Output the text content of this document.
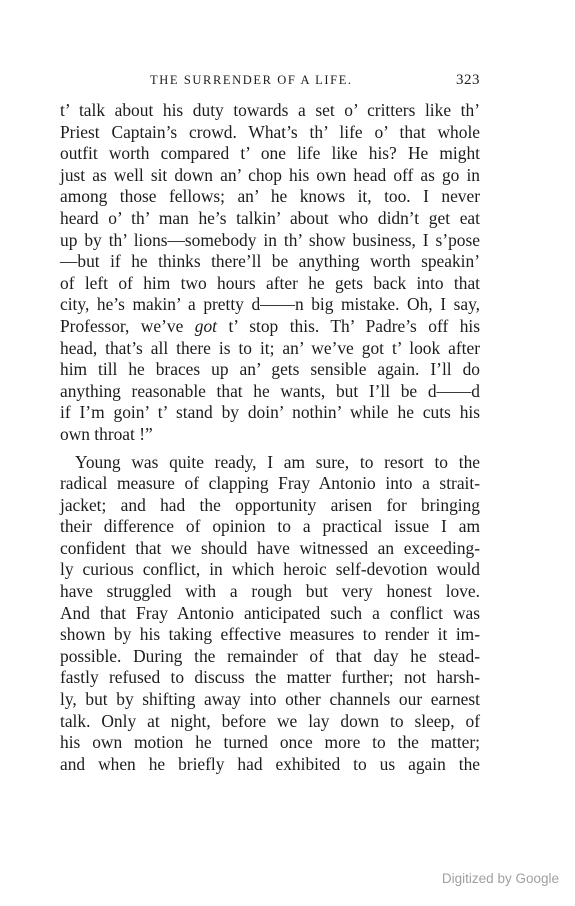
THE SURRENDER OF A LIFE.	323
t’ talk about his duty towards a set o’ critters like th’
Priest Captain’s crowd. What’s th’ life o’ that whole
outfit worth compared t’ one life like his? He might
just as well sit down an’ chop his own head off as go in
among those fellows; an’ he knows it, too. I never
heard o’ th’ man he’s talkin’ about who didn’t get eat
up by th’ lions—somebody in th’ show business, I s’pose
—but if he thinks there’ll be anything worth speakin’
of left of him two hours after he gets back into that
city, he’s makin’ a pretty d——n big mistake. Oh, I say,
Professor, we’ve got t’ stop this. Th’ Padre’s off his
head, that’s all there is to it; an’ we’ve got t’ look after
him till he braces up an’ gets sensible again. I’ll do
anything reasonable that he wants, but I’ll be d——d
if I’m goin’ t’ stand by doin’ nothin’ while he cuts his
own throat !”
Young was quite ready, I am sure, to resort to the
radical measure of clapping Fray Antonio into a strait-
jacket; and had the opportunity arisen for bringing
their difference of opinion to a practical issue I am
confident that we should have witnessed an exceeding-
ly curious conflict, in which heroic self-devotion would
have struggled with a rough but very honest love.
And that Fray Antonio anticipated such a conflict was
shown by his taking effective measures to render it im-
possible. During the remainder of that day he stead-
fastly refused to discuss the matter further; not harsh-
ly, but by shifting away into other channels our earnest
talk. Only at night, before we lay down to sleep, of
his own motion he turned once more to the matter;
and when he briefly had exhibited to us again the
Digitized by Google
